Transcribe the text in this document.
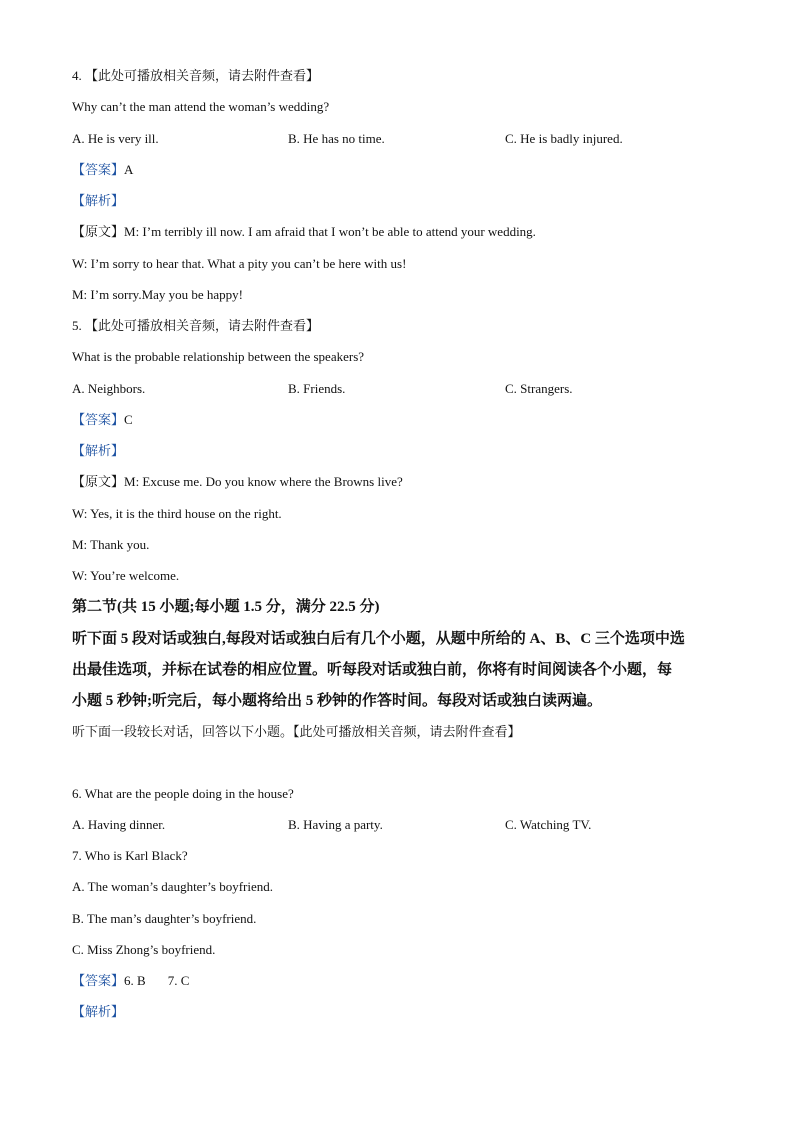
4. 【此处可播放相关音频，请去附件查看】
Why can’t the man attend the woman’s wedding?
A. He is very ill.	B. He has no time.	C. He is badly injured.
【答案】A
【解析】
【原文】M: I’m terribly ill now. I am afraid that I won’t be able to attend your wedding.
W: I’m sorry to hear that. What a pity you can’t be here with us!
M: I’m sorry.May you be happy!
5. 【此处可播放相关音频，请去附件查看】
What is the probable relationship between the speakers?
A. Neighbors.	B. Friends.	C. Strangers.
【答案】C
【解析】
【原文】M: Excuse me. Do you know where the Browns live?
W: Yes, it is the third house on the right.
M: Thank you.
W: You’re welcome.
第二节(共 15 小题;每小题 1.5 分，满分 22.5 分)
听下面 5 段对话或独白,每段对话或独白后有几个小题，从题中所给的 A、B、C 三个选项中选
出最佳选项，并标在试卷的相应位置。听每段对话或独白前，你将有时间阅读各个小题，每
小题 5 秒钟;听完后，每小题将给出 5 秒钟的作答时间。每段对话或独白读两遍。
听下面一段较长对话，回答以下小题。【此处可播放相关音频，请去附件查看】
6. What are the people doing in the house?
A. Having dinner.	B. Having a party.	C. Watching TV.
7. Who is Karl Black?
A. The woman’s daughter’s boyfriend.
B. The man’s daughter’s boyfriend.
C. Miss Zhong’s boyfriend.
【答案】6. B 7. C
【解析】
